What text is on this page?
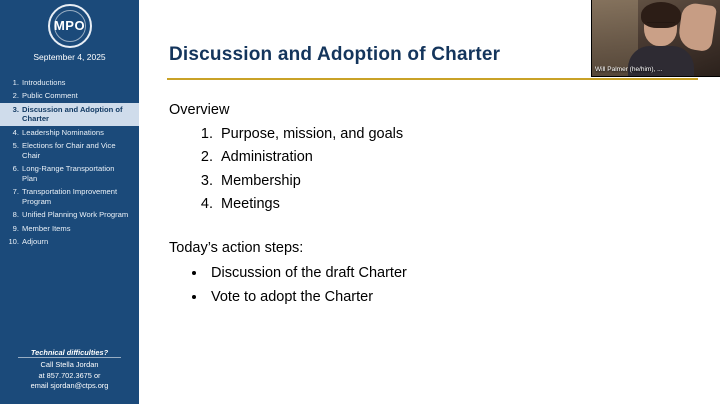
MPO
September 4, 2025
1. Introductions
2. Public Comment
3. Discussion and Adoption of Charter
4. Leadership Nominations
5. Elections for Chair and Vice Chair
6. Long-Range Transportation Plan
7. Transportation Improvement Program
8. Unified Planning Work Program
9. Member Items
10. Adjourn
Technical difficulties?
Call Stella Jordan
at 857.702.3675 or
email sjordan@ctps.org
Discussion and Adoption of Charter

Overview

1. Purpose, mission, and goals
2. Administration
3. Membership
4. Meetings

Today’s action steps:

• Discussion of the draft Charter
• Vote to adopt the Charter
Will Palmer (he/him), ...
